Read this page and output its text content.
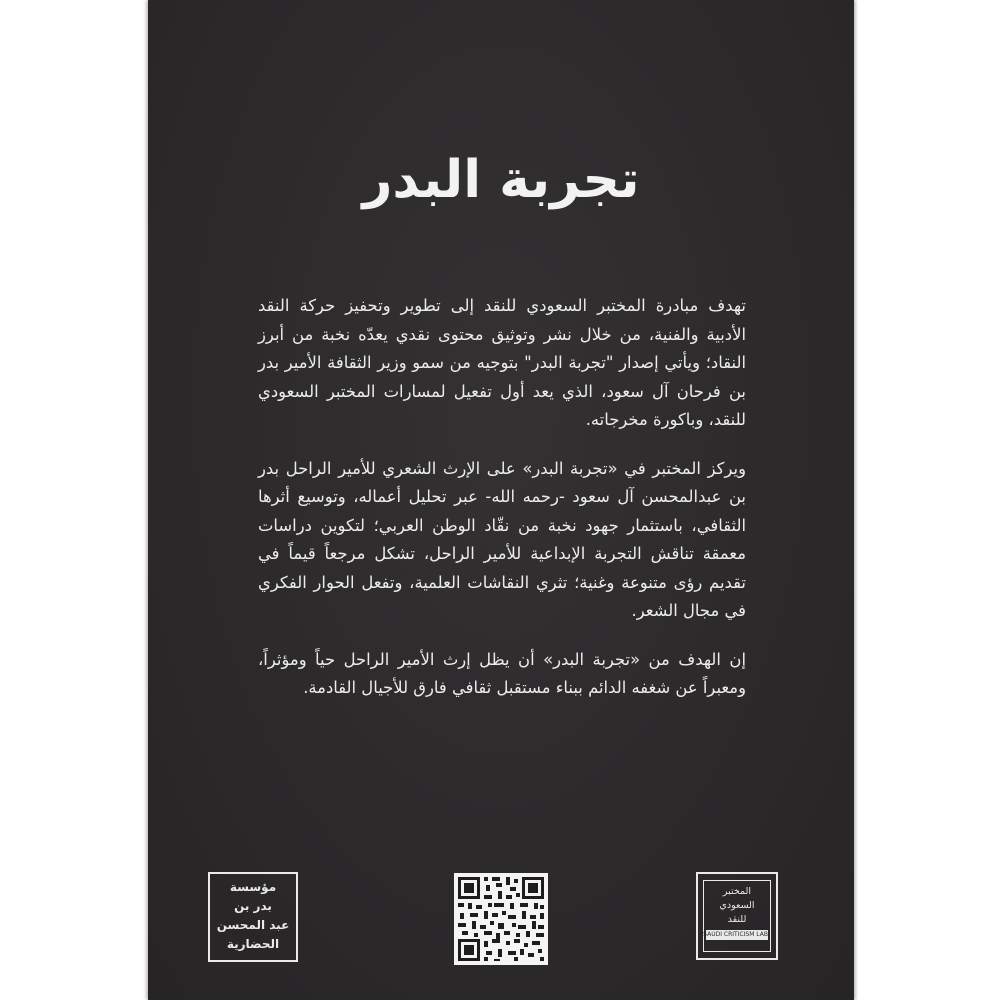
تجربة البدر

تهدف مبادرة المختبر السعودي للنقد إلى تطوير وتحفيز حركة النقد الأدبية والفنية، من خلال نشر وتوثيق محتوى نقدي يعدّه نخبة من أبرز النقاد؛ ويأتي إصدار "تجربة البدر" بتوجيه من سمو وزير الثقافة الأمير بدر بن فرحان آل سعود، الذي يعد أول تفعيل لمسارات المختبر السعودي للنقد، وباكورة مخرجاته.

ويركز المختبر في «تجربة البدر» على الإرث الشعري للأمير الراحل بدر بن عبدالمحسن آل سعود -رحمه الله- عبر تحليل أعماله، وتوسيع أثرها الثقافي، باستثمار جهود نخبة من نقّاد الوطن العربي؛ لتكوين دراسات معمقة تناقش التجربة الإبداعية للأمير الراحل، تشكل مرجعاً قيماً في تقديم رؤى متنوعة وغنية؛ تثري النقاشات العلمية، وتفعل الحوار الفكري في مجال الشعر.

إن الهدف من «تجربة البدر» أن يظل إرث الأمير الراحل حياً ومؤثراً، ومعبراً عن شغفه الدائم ببناء مستقبل ثقافي فارق للأجيال القادمة.

مؤسسة
بدر بن
عبد المحسن
الحضارية
المختبر
السعودي
للنقد
SAUDI CRITICISM LAB
